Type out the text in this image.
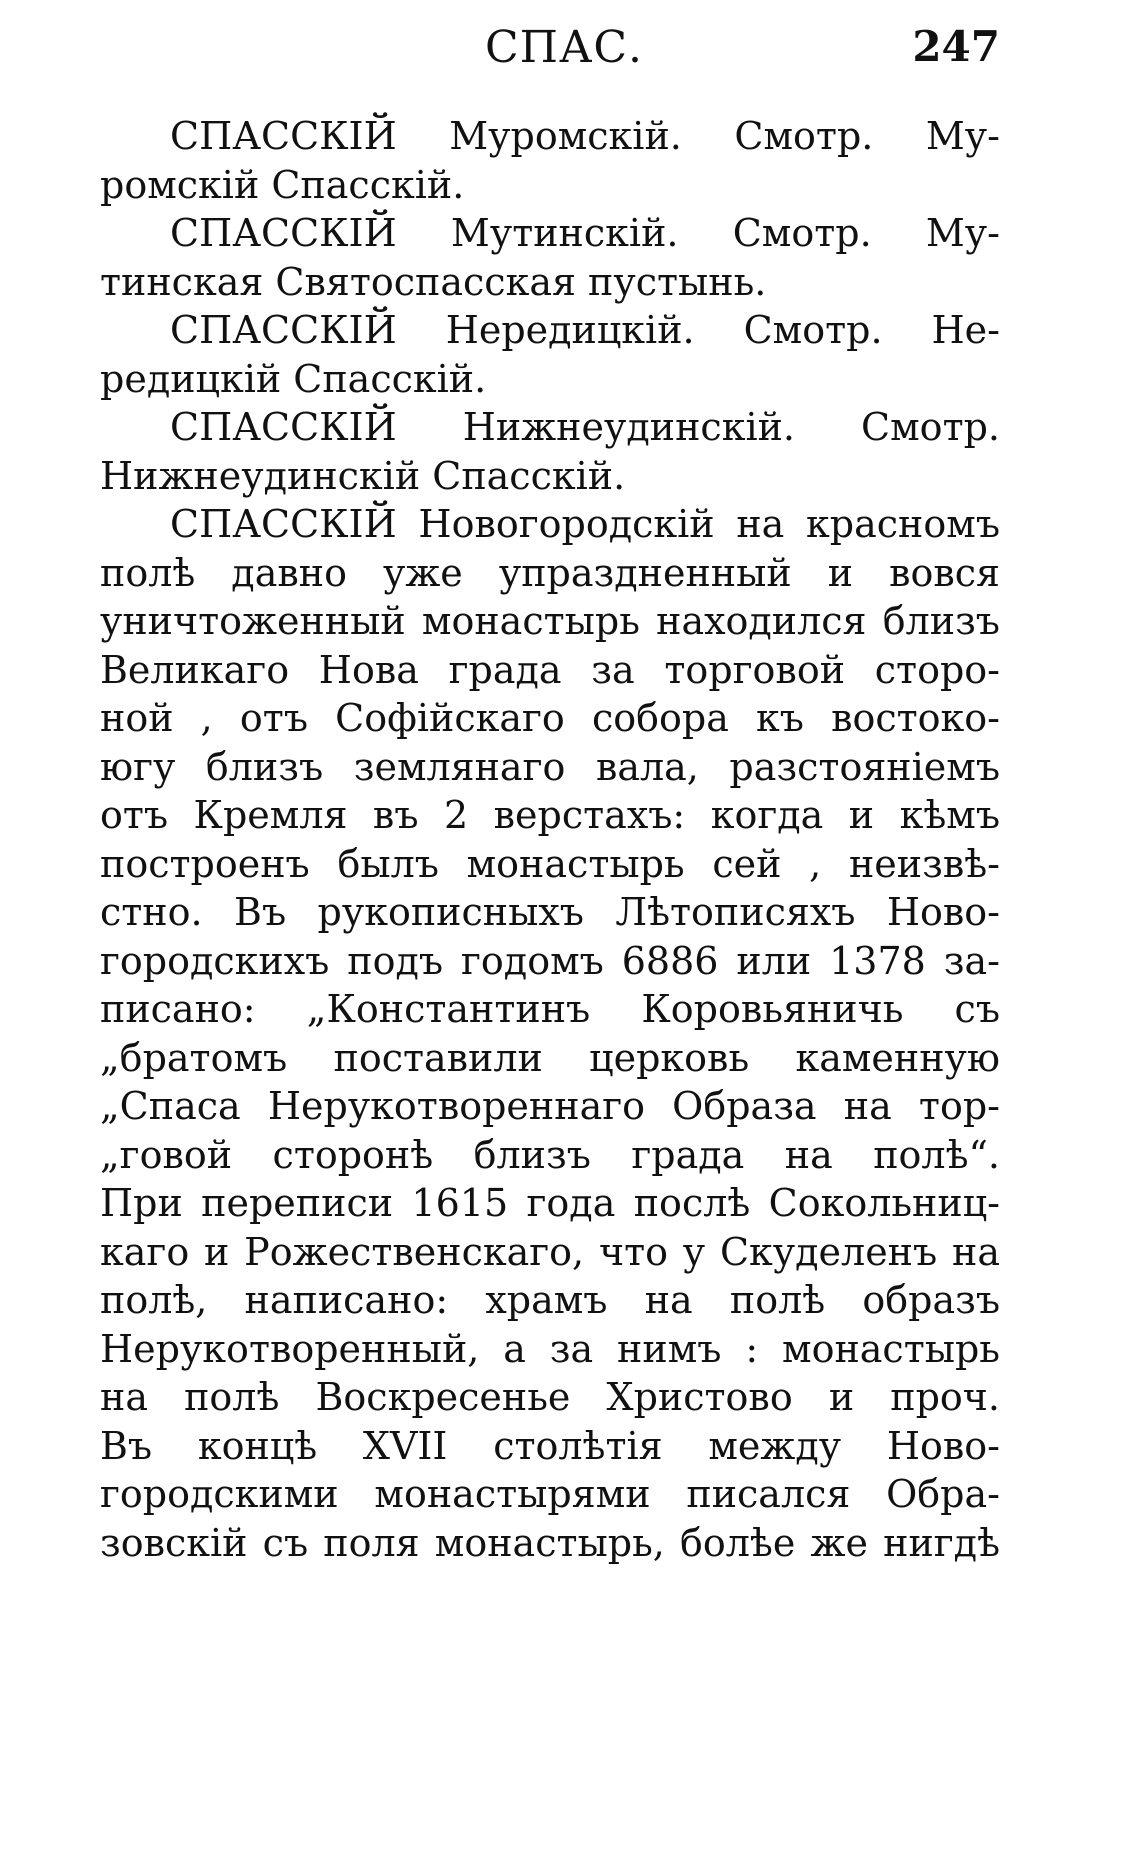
СПАС.	247
СПАССКІЙ Муромскій. Смотр. Му-
ромскій Спасскій.
СПАССКІЙ Мутинскій. Смотр. Му-
тинская Святоспасская пустынь.
СПАССКІЙ Нередицкій. Смотр. Не-
редицкій Спасскій.
СПАССКІЙ Нижнеудинскій. Смотр.
Нижнеудинскій Спасскій.
СПАССКІЙ Новогородскій на красномъ
полѣ давно уже упраздненный и вовся
уничтоженный монастырь находился близъ
Великаго Нова града за торговой сторо-
ной , отъ Софійскаго собора къ востоко-
югу близъ землянаго вала, разстояніемъ
отъ Кремля въ 2 верстахъ: когда и кѣмъ
построенъ былъ монастырь сей , неизвѣ-
стно. Въ рукописныхъ Лѣтописяхъ Ново-
городскихъ подъ годомъ 6886 или 1378 за-
писано: „Константинъ Коровьяничь съ
„братомъ поставили церковь каменную
„Спаса Нерукотвореннаго Образа на тор-
„говой сторонѣ близъ града на полѣ“.
При переписи 1615 года послѣ Сокольниц-
каго и Рожественскаго, что у Скуделенъ на
полѣ, написано: храмъ на полѣ образъ
Нерукотворенный, а за нимъ : монастырь
на полѣ Воскресенье Христово и проч.
Въ концѣ XVII столѣтія между Ново-
городскими монастырями писался Обра-
зовскій съ поля монастырь, болѣе же нигдѣ
